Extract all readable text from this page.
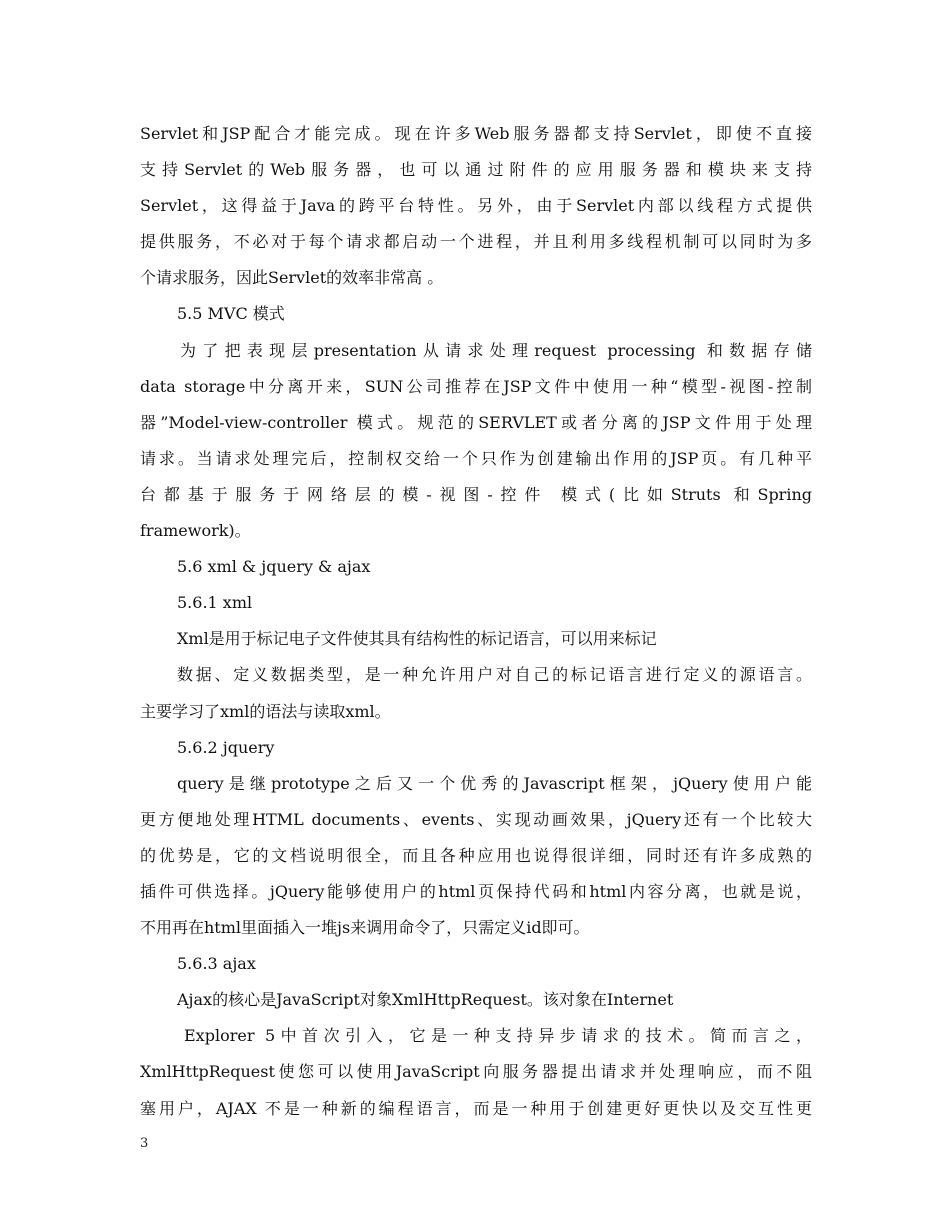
Servlet和JSP配合才能完成。现在许多Web服务器都支持Servlet，即使不直接
支持Servlet的Web服务器，也可以通过附件的应用服务器和模块来支持
Servlet，这得益于Java的跨平台特性。另外，由于Servlet内部以线程方式提供
提供服务，不必对于每个请求都启动一个进程，并且利用多线程机制可以同时为多
个请求服务，因此Servlet的效率非常高 。
5.5 MVC 模式
为了把表现层presentation从请求处理request processing 和数据存储
data storage中分离开来，SUN公司推荐在JSP文件中使用一种“模型-视图-控制
器”Model-view-controller 模式。规范的SERVLET或者分离的JSP文件用于处理
请求。当请求处理完后，控制权交给一个只作为创建输出作用的JSP页。有几种平
台都基于服务于网络层的模-视图-控件 模式(比如Struts 和Spring
framework)。
5.6 xml & jquery & ajax
5.6.1 xml
Xml是用于标记电子文件使其具有结构性的标记语言，可以用来标记
数据、定义数据类型，是一种允许用户对自己的标记语言进行定义的源语言。
主要学习了xml的语法与读取xml。
5.6.2 jquery
query是继prototype之后又一个优秀的Javascript框架，jQuery使用户能
更方便地处理HTML documents、events、实现动画效果，jQuery还有一个比较大
的优势是，它的文档说明很全，而且各种应用也说得很详细，同时还有许多成熟的
插件可供选择。jQuery能够使用户的html页保持代码和html内容分离，也就是说，
不用再在html里面插入一堆js来调用命令了，只需定义id即可。
5.6.3 ajax
Ajax的核心是JavaScript对象XmlHttpRequest。该对象在Internet
Explorer 5中首次引入，它是一种支持异步请求的技术。简而言之，
XmlHttpRequest使您可以使用JavaScript向服务器提出请求并处理响应，而不阻
塞用户，AJAX 不是一种新的编程语言，而是一种用于创建更好更快以及交互性更
3
